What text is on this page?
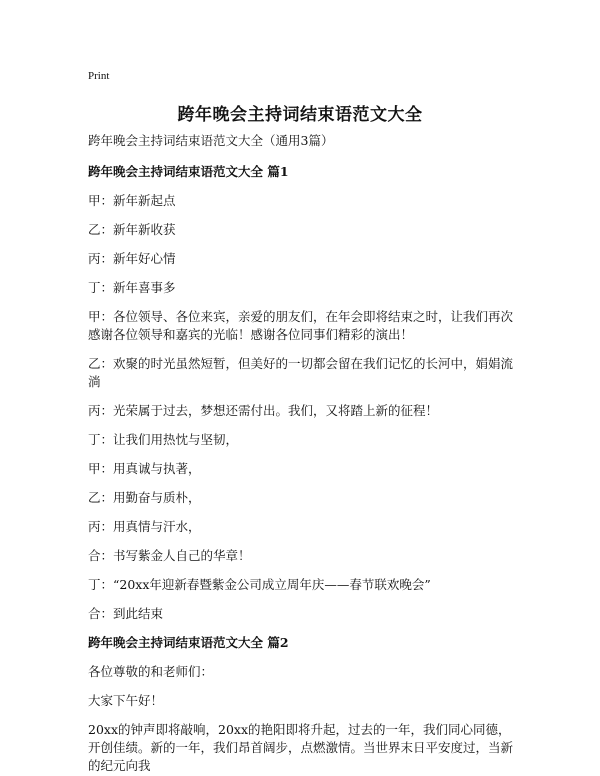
Print
跨年晚会主持词结束语范文大全
跨年晚会主持词结束语范文大全（通用3篇）
跨年晚会主持词结束语范文大全 篇1
甲：新年新起点
乙：新年新收获
丙：新年好心情
丁：新年喜事多
甲：各位领导、各位来宾，亲爱的朋友们，在年会即将结束之时，让我们再次感谢各位领导和嘉宾的光临！感谢各位同事们精彩的演出！
乙：欢聚的时光虽然短暂，但美好的一切都会留在我们记忆的长河中，娟娟流淌
丙：光荣属于过去，梦想还需付出。我们，又将踏上新的征程！
丁：让我们用热忱与坚韧，
甲：用真诚与执著，
乙：用勤奋与质朴，
丙：用真情与汗水，
合：书写紫金人自己的华章！
丁：“20xx年迎新春暨紫金公司成立周年庆——春节联欢晚会”
合：到此结束
跨年晚会主持词结束语范文大全 篇2
各位尊敬的和老师们：
大家下午好！
20xx的钟声即将敲响，20xx的艳阳即将升起，过去的一年，我们同心同德，开创佳绩。新的一年，我们昂首阔步，点燃激情。当世界末日平安度过，当新的纪元向我
